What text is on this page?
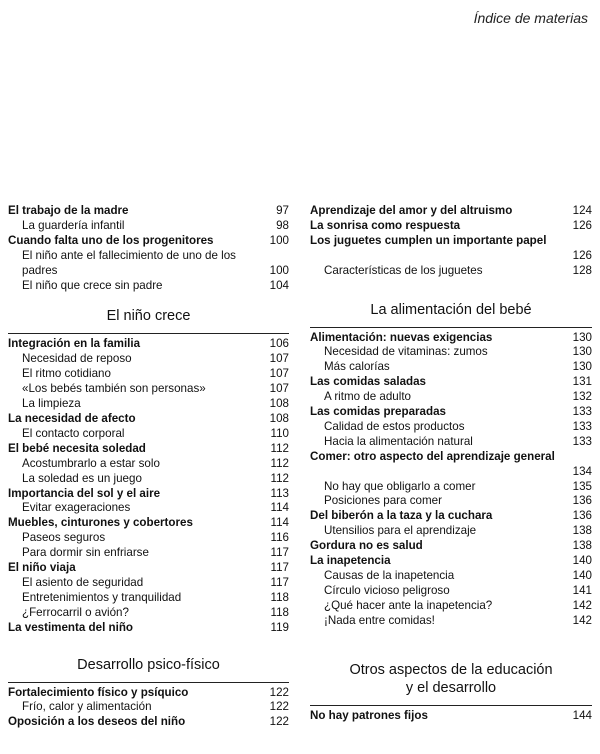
Índice de materias
El trabajo de la madre	97
La guardería infantil	98
Cuando falta uno de los progenitores	100
El niño ante el fallecimiento de uno de los padres	100
El niño que crece sin padre	104
El niño crece
Integración en la familia	106
Necesidad de reposo	107
El ritmo cotidiano	107
«Los bebés también son personas»	107
La limpieza	108
La necesidad de afecto	108
El contacto corporal	110
El bebé necesita soledad	112
Acostumbrarlo a estar solo	112
La soledad es un juego	112
Importancia del sol y el aire	113
Evitar exageraciones	114
Muebles, cinturones y cobertores	114
Paseos seguros	116
Para dormir sin enfriarse	117
El niño viaja	117
El asiento de seguridad	117
Entretenimientos y tranquilidad	118
¿Ferrocarril o avión?	118
La vestimenta del niño	119
Desarrollo psico-físico
Fortalecimiento físico y psíquico	122
Frío, calor y alimentación	122
Oposición a los deseos del niño	122
Aprendizaje del amor y del altruismo	124
La sonrisa como respuesta	126
Los juguetes cumplen un importante papel
126
Características de los juguetes	128
La alimentación del bebé
Alimentación: nuevas exigencias	130
Necesidad de vitaminas: zumos	130
Más calorías	130
Las comidas saladas	131
A ritmo de adulto	132
Las comidas preparadas	133
Calidad de estos productos	133
Hacia la alimentación natural	133
Comer: otro aspecto del aprendizaje general
134
No hay que obligarlo a comer	135
Posiciones para comer	136
Del biberón a la taza y la cuchara	136
Utensilios para el aprendizaje	138
Gordura no es salud	138
La inapetencia	140
Causas de la inapetencia	140
Círculo vicioso peligroso	141
¿Qué hacer ante la inapetencia?	142
¡Nada entre comidas!	142
Otros aspectos de la educación
y el desarrollo
No hay patrones fijos	144
